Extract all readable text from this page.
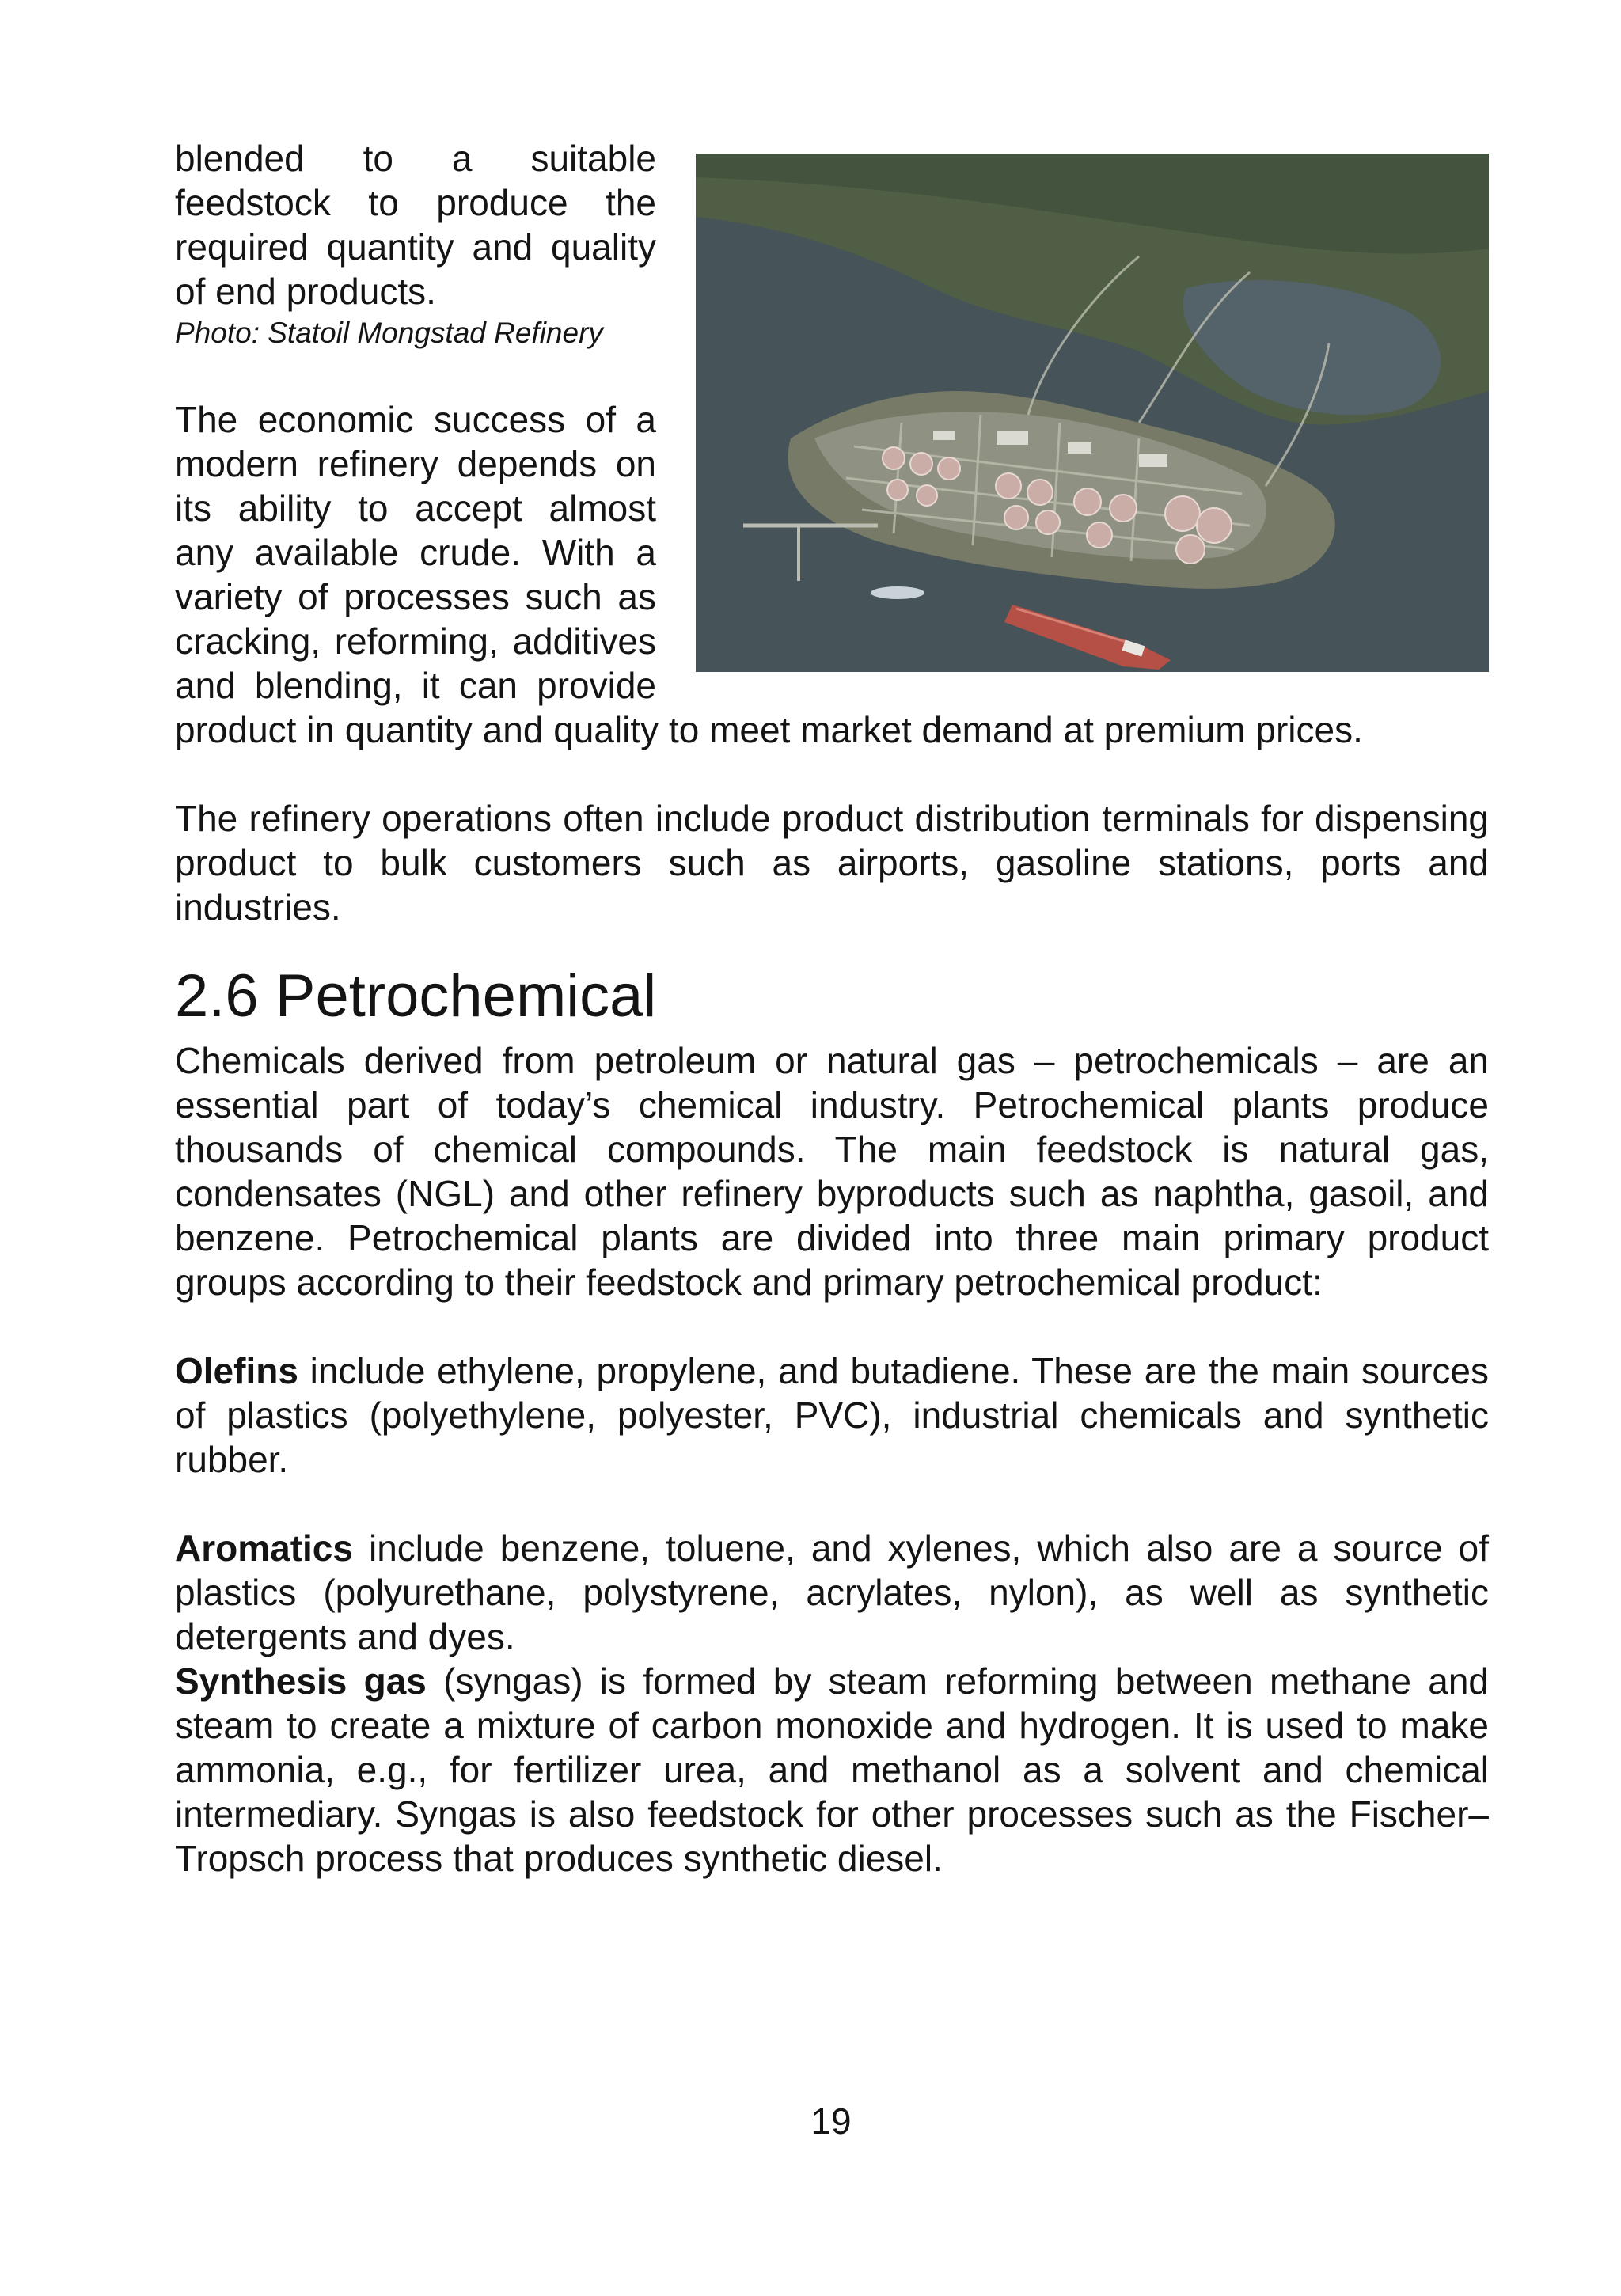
blended to a suitable feedstock to produce the required quantity and quality of end products.
Photo: Statoil Mongstad Refinery

The economic success of a modern refinery depends on its ability to accept almost any available crude. With a variety of processes such as cracking, reforming, additives and blending, it can provide product in quantity and quality to meet market demand at premium prices.

The refinery operations often include product distribution terminals for dispensing product to bulk customers such as airports, gasoline stations, ports and industries.

2.6 Petrochemical

Chemicals derived from petroleum or natural gas – petrochemicals – are an essential part of today’s chemical industry. Petrochemical plants produce thousands of chemical compounds. The main feedstock is natural gas, condensates (NGL) and other refinery byproducts such as naphtha, gasoil, and benzene. Petrochemical plants are divided into three main primary product groups according to their feedstock and primary petrochemical product:

Olefins include ethylene, propylene, and butadiene. These are the main sources of plastics (polyethylene, polyester, PVC), industrial chemicals and synthetic rubber.

Aromatics include benzene, toluene, and xylenes, which also are a source of plastics (polyurethane, polystyrene, acrylates, nylon), as well as synthetic detergents and dyes.

Synthesis gas (syngas) is formed by steam reforming between methane and steam to create a mixture of carbon monoxide and hydrogen. It is used to make ammonia, e.g., for fertilizer urea, and methanol as a solvent and chemical intermediary. Syngas is also feedstock for other processes such as the Fischer–Tropsch process that produces synthetic diesel.

19
